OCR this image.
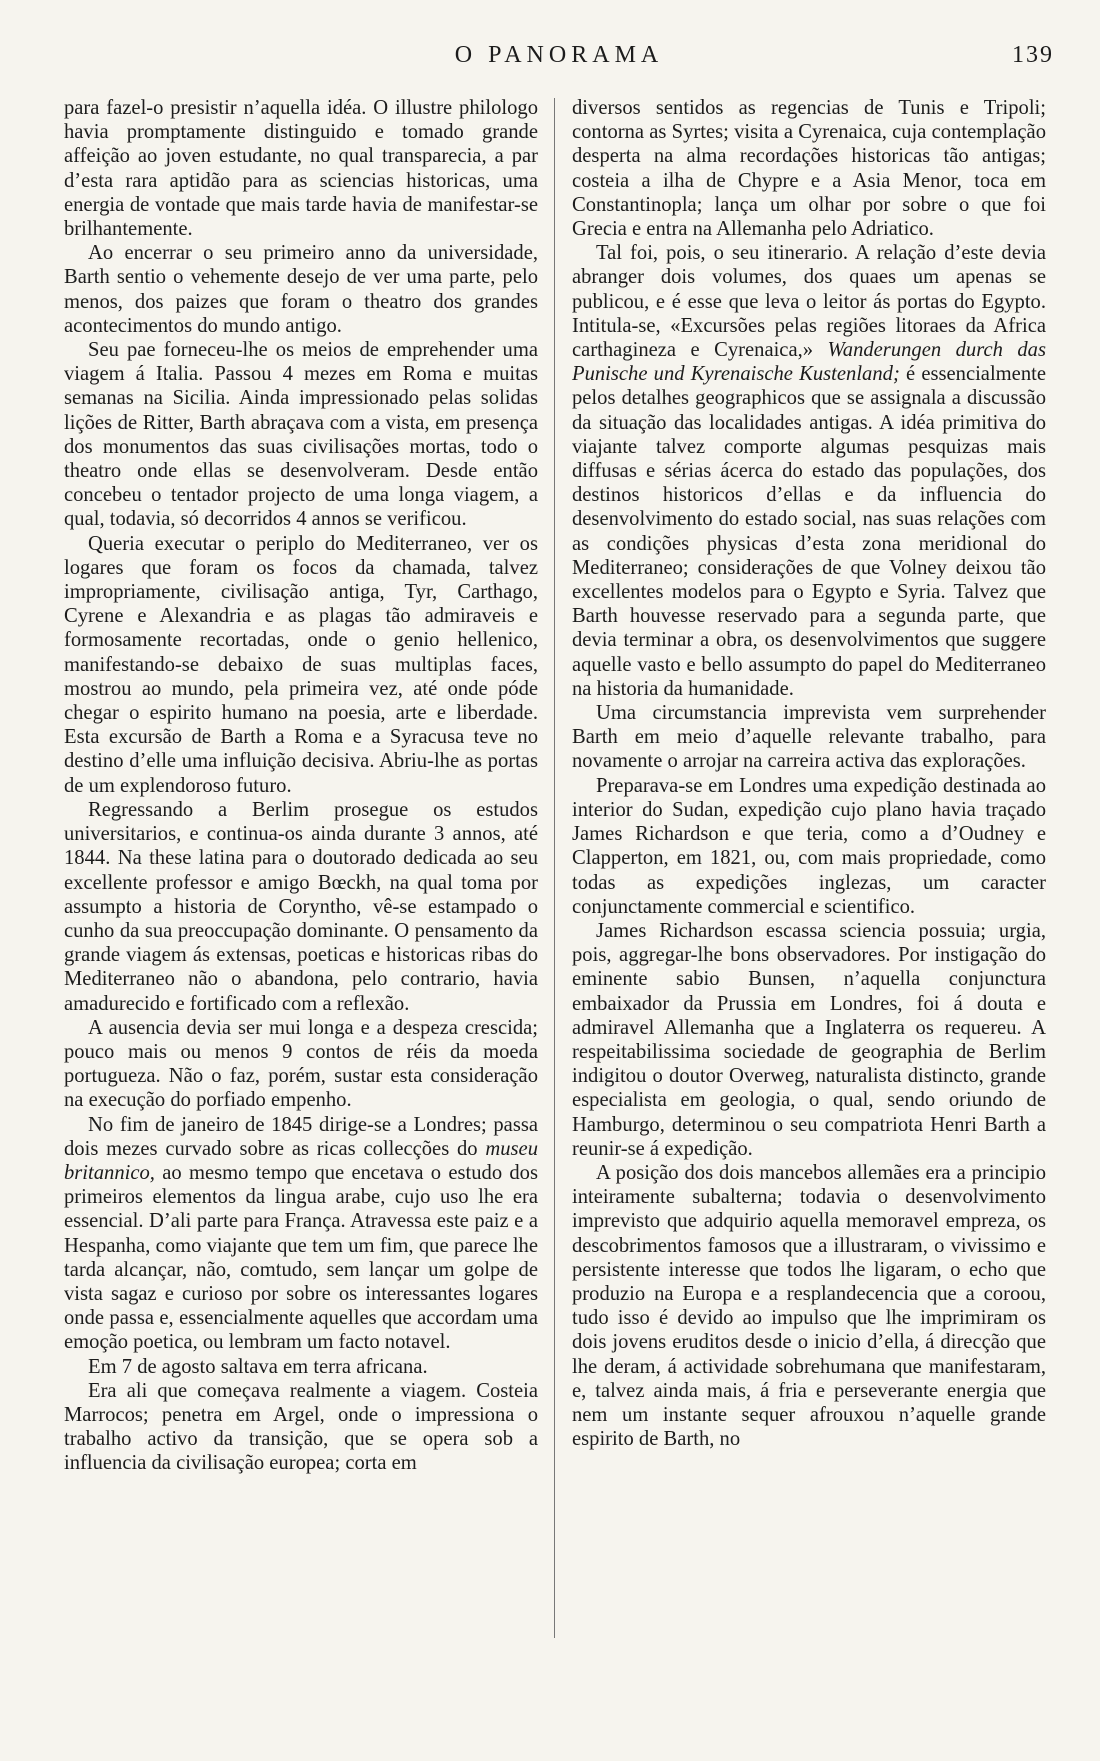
O PANORAMA	139

para fazel-o presistir n’aquella idéa. O illustre philologo havia promptamente distinguido e tomado grande affeição ao joven estudante, no qual transparecia, a par d’esta rara aptidão para as sciencias historicas, uma energia de vontade que mais tarde havia de manifestar-se brilhantemente.

Ao encerrar o seu primeiro anno da universidade, Barth sentio o vehemente desejo de ver uma parte, pelo menos, dos paizes que foram o theatro dos grandes acontecimentos do mundo antigo.

Seu pae forneceu-lhe os meios de emprehender uma viagem á Italia. Passou 4 mezes em Roma e muitas semanas na Sicilia. Ainda impressionado pelas solidas lições de Ritter, Barth abraçava com a vista, em presença dos monumentos das suas civilisações mortas, todo o theatro onde ellas se desenvolveram. Desde então concebeu o tentador projecto de uma longa viagem, a qual, todavia, só decorridos 4 annos se verificou.

Queria executar o periplo do Mediterraneo, ver os logares que foram os focos da chamada, talvez impropriamente, civilisação antiga, Tyr, Carthago, Cyrene e Alexandria e as plagas tão admiraveis e formosamente recortadas, onde o genio hellenico, manifestando-se debaixo de suas multiplas faces, mostrou ao mundo, pela primeira vez, até onde póde chegar o espirito humano na poesia, arte e liberdade. Esta excursão de Barth a Roma e a Syracusa teve no destino d’elle uma influição decisiva. Abriu-lhe as portas de um explendoroso futuro.

Regressando a Berlim prosegue os estudos universitarios, e continua-os ainda durante 3 annos, até 1844. Na these latina para o doutorado dedicada ao seu excellente professor e amigo Bœckh, na qual toma por assumpto a historia de Coryntho, vê-se estampado o cunho da sua preoccupação dominante. O pensamento da grande viagem ás extensas, poeticas e historicas ribas do Mediterraneo não o abandona, pelo contrario, havia amadurecido e fortificado com a reflexão.

A ausencia devia ser mui longa e a despeza crescida; pouco mais ou menos 9 contos de réis da moeda portugueza. Não o faz, porém, sustar esta consideração na execução do porfiado empenho.

No fim de janeiro de 1845 dirige-se a Londres; passa dois mezes curvado sobre as ricas collecções do museu britannico, ao mesmo tempo que encetava o estudo dos primeiros elementos da lingua arabe, cujo uso lhe era essencial. D’ali parte para França. Atravessa este paiz e a Hespanha, como viajante que tem um fim, que parece lhe tarda alcançar, não, comtudo, sem lançar um golpe de vista sagaz e curioso por sobre os interessantes logares onde passa e, essencialmente aquelles que accordam uma emoção poetica, ou lembram um facto notavel.

Em 7 de agosto saltava em terra africana.

Era ali que começava realmente a viagem. Costeia Marrocos; penetra em Argel, onde o impressiona o trabalho activo da transição, que se opera sob a influencia da civilisação europea; corta em

diversos sentidos as regencias de Tunis e Tripoli; contorna as Syrtes; visita a Cyrenaica, cuja contemplação desperta na alma recordações historicas tão antigas; costeia a ilha de Chypre e a Asia Menor, toca em Constantinopla; lança um olhar por sobre o que foi Grecia e entra na Allemanha pelo Adriatico.

Tal foi, pois, o seu itinerario. A relação d’este devia abranger dois volumes, dos quaes um apenas se publicou, e é esse que leva o leitor ás portas do Egypto. Intitula-se, «Excursões pelas regiões litoraes da Africa carthagineza e Cyrenaica,» Wanderungen durch das Punische und Kyrenaische Kustenland; é essencialmente pelos detalhes geographicos que se assignala a discussão da situação das localidades antigas. A idéa primitiva do viajante talvez comporte algumas pesquizas mais diffusas e sérias ácerca do estado das populações, dos destinos historicos d’ellas e da influencia do desenvolvimento do estado social, nas suas relações com as condições physicas d’esta zona meridional do Mediterraneo; considerações de que Volney deixou tão excellentes modelos para o Egypto e Syria. Talvez que Barth houvesse reservado para a segunda parte, que devia terminar a obra, os desenvolvimentos que suggere aquelle vasto e bello assumpto do papel do Mediterraneo na historia da humanidade.

Uma circumstancia imprevista vem surprehender Barth em meio d’aquelle relevante trabalho, para novamente o arrojar na carreira activa das explorações.

Preparava-se em Londres uma expedição destinada ao interior do Sudan, expedição cujo plano havia traçado James Richardson e que teria, como a d’Oudney e Clapperton, em 1821, ou, com mais propriedade, como todas as expedições inglezas, um caracter conjunctamente commercial e scientifico.

James Richardson escassa sciencia possuia; urgia, pois, aggregar-lhe bons observadores. Por instigação do eminente sabio Bunsen, n’aquella conjunctura embaixador da Prussia em Londres, foi á douta e admiravel Allemanha que a Inglaterra os requereu. A respeitabilissima sociedade de geographia de Berlim indigitou o doutor Overweg, naturalista distincto, grande especialista em geologia, o qual, sendo oriundo de Hamburgo, determinou o seu compatriota Henri Barth a reunir-se á expedição.

A posição dos dois mancebos allemães era a principio inteiramente subalterna; todavia o desenvolvimento imprevisto que adquirio aquella memoravel empreza, os descobrimentos famosos que a illustraram, o vivissimo e persistente interesse que todos lhe ligaram, o echo que produzio na Europa e a resplandecencia que a coroou, tudo isso é devido ao impulso que lhe imprimiram os dois jovens eruditos desde o inicio d’ella, á direcção que lhe deram, á actividade sobrehumana que manifestaram, e, talvez ainda mais, á fria e perseverante energia que nem um instante sequer afrouxou n’aquelle grande espirito de Barth, no
